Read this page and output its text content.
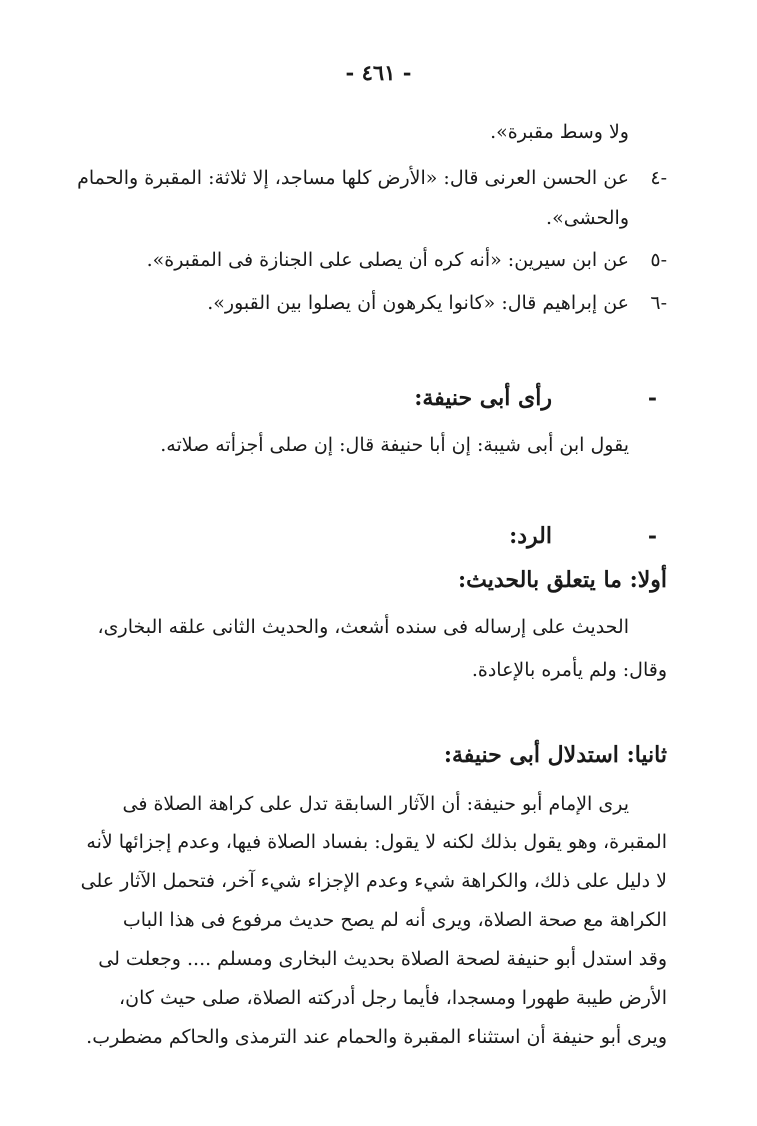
- ٤٦١ -
ولا وسط مقبرة».
٤-
عن الحسن العرنى قال: «الأرض كلها مساجد، إلا ثلاثة: المقبرة والحمام
والحشى».
٥-
عن ابن سيرين: «أنه كره أن يصلى على الجنازة فى المقبرة».
٦-
عن إبراهيم قال: «كانوا يكرهون أن يصلوا بين القبور».
-
رأى أبى حنيفة:
يقول ابن أبى شيبة: إن أبا حنيفة قال: إن صلى أجزأته صلاته.
-
الرد:
أولا: ما يتعلق بالحديث:
الحديث على إرساله فى سنده أشعث، والحديث الثانى علقه البخارى،
وقال: ولم يأمره بالإعادة.
ثانيا: استدلال أبى حنيفة:
يرى الإمام أبو حنيفة: أن الآثار السابقة تدل على كراهة الصلاة فى
المقبرة، وهو يقول بذلك لكنه لا يقول: بفساد الصلاة فيها، وعدم إجزائها لأنه
لا دليل على ذلك، والكراهة شيء وعدم الإجزاء شيء آخر، فتحمل الآثار على
الكراهة مع صحة الصلاة، ويرى أنه لم يصح حديث مرفوع فى هذا الباب
وقد استدل أبو حنيفة لصحة الصلاة بحديث البخارى ومسلم .... وجعلت لى
الأرض طيبة طهورا ومسجدا، فأيما رجل أدركته الصلاة، صلى حيث كان،
ويرى أبو حنيفة أن استثناء المقبرة والحمام عند الترمذى والحاكم مضطرب.
